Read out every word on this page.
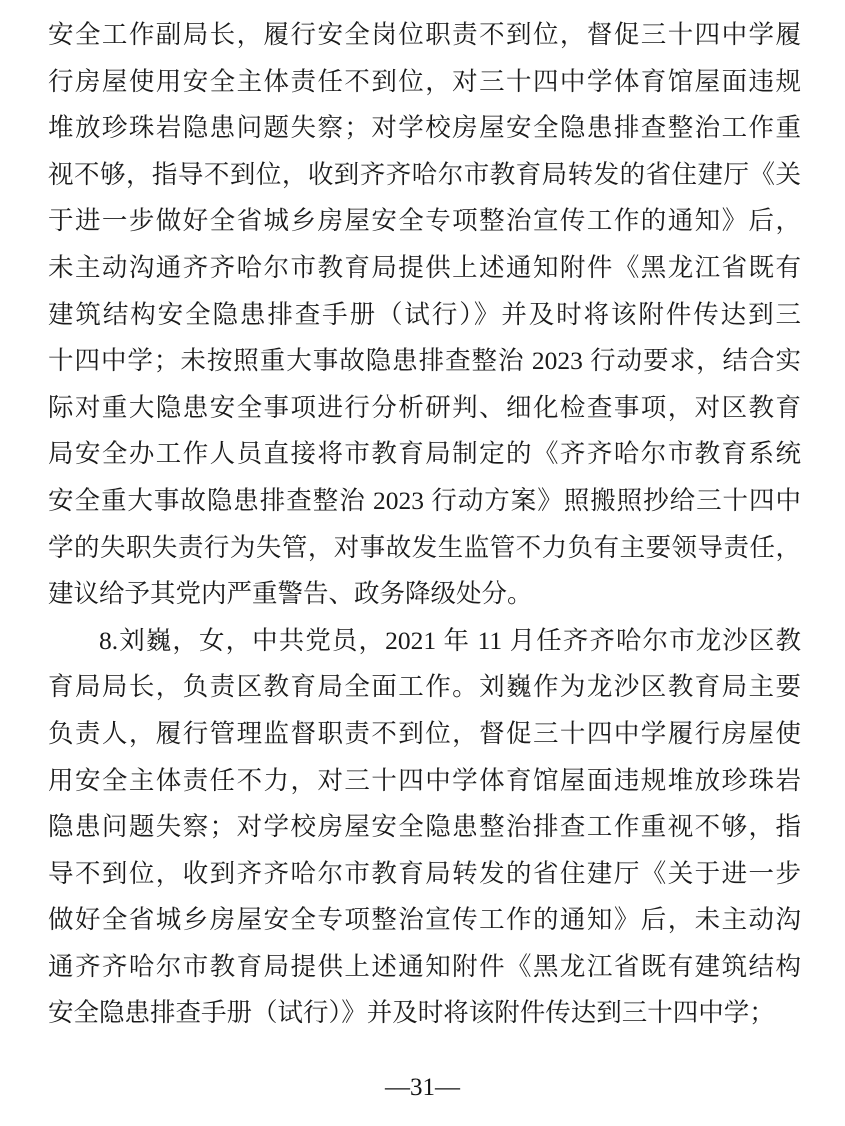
安全工作副局长，履行安全岗位职责不到位，督促三十四中学履
行房屋使用安全主体责任不到位，对三十四中学体育馆屋面违规
堆放珍珠岩隐患问题失察；对学校房屋安全隐患排查整治工作重
视不够，指导不到位，收到齐齐哈尔市教育局转发的省住建厅《关
于进一步做好全省城乡房屋安全专项整治宣传工作的通知》后，
未主动沟通齐齐哈尔市教育局提供上述通知附件《黑龙江省既有
建筑结构安全隐患排查手册（试行）》并及时将该附件传达到三
十四中学；未按照重大事故隐患排查整治 2023 行动要求，结合实
际对重大隐患安全事项进行分析研判、细化检查事项，对区教育
局安全办工作人员直接将市教育局制定的《齐齐哈尔市教育系统
安全重大事故隐患排查整治 2023 行动方案》照搬照抄给三十四中
学的失职失责行为失管，对事故发生监管不力负有主要领导责任，
建议给予其党内严重警告、政务降级处分。
8.刘巍，女，中共党员，2021 年 11 月任齐齐哈尔市龙沙区教
育局局长，负责区教育局全面工作。刘巍作为龙沙区教育局主要
负责人，履行管理监督职责不到位，督促三十四中学履行房屋使
用安全主体责任不力，对三十四中学体育馆屋面违规堆放珍珠岩
隐患问题失察；对学校房屋安全隐患整治排查工作重视不够，指
导不到位，收到齐齐哈尔市教育局转发的省住建厅《关于进一步
做好全省城乡房屋安全专项整治宣传工作的通知》后，未主动沟
通齐齐哈尔市教育局提供上述通知附件《黑龙江省既有建筑结构
安全隐患排查手册（试行）》并及时将该附件传达到三十四中学；
—31—
